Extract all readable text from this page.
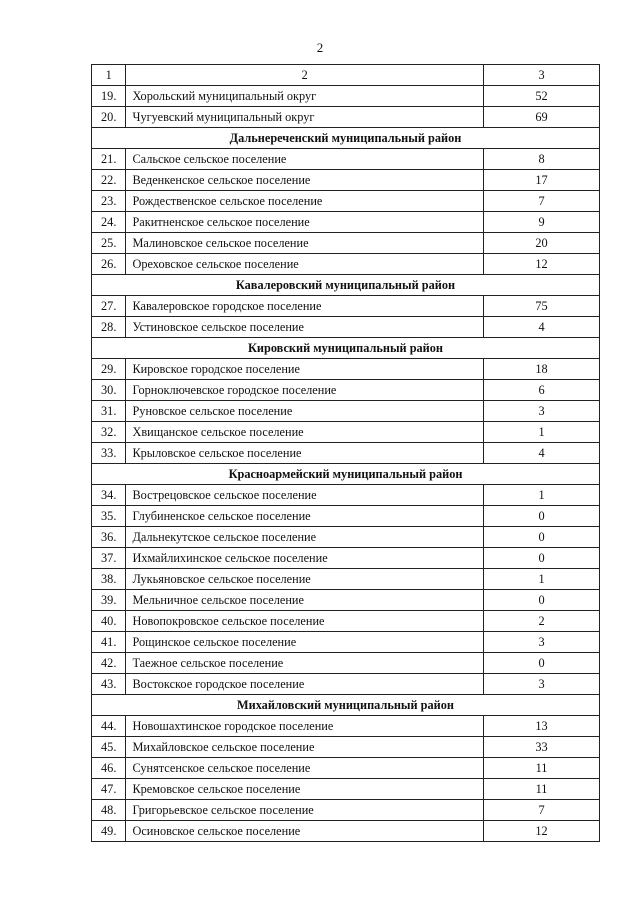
2
1	2	3
19.	Хорольский муниципальный округ	52
20.	Чугуевский муниципальный округ	69
Дальнереченский муниципальный район		
21.	Сальское сельское поселение	8
22.	Веденкенское сельское поселение	17
23.	Рождественское сельское поселение	7
24.	Ракитненское сельское поселение	9
25.	Малиновское сельское поселение	20
26.	Ореховское сельское поселение	12
Кавалеровский муниципальный район		
27.	Кавалеровское городское поселение	75
28.	Устиновское сельское поселение	4
Кировский муниципальный район		
29.	Кировское городское поселение	18
30.	Горноключевское городское поселение	6
31.	Руновское сельское поселение	3
32.	Хвищанское сельское поселение	1
33.	Крыловское сельское поселение	4
Красноармейский муниципальный район		
34.	Вострецовское сельское поселение	1
35.	Глубиненское сельское поселение	0
36.	Дальнекутское сельское поселение	0
37.	Ихмайлихинское сельское поселение	0
38.	Лукьяновское сельское поселение	1
39.	Мельничное сельское поселение	0
40.	Новопокровское сельское поселение	2
41.	Рощинское сельское поселение	3
42.	Таежное сельское поселение	0
43.	Востокское городское поселение	3
Михайловский муниципальный район		
44.	Новошахтинское городское поселение	13
45.	Михайловское сельское поселение	33
46.	Сунятсенское сельское поселение	11
47.	Кремовское сельское поселение	11
48.	Григорьевское сельское поселение	7
49.	Осиновское сельское поселение	12
